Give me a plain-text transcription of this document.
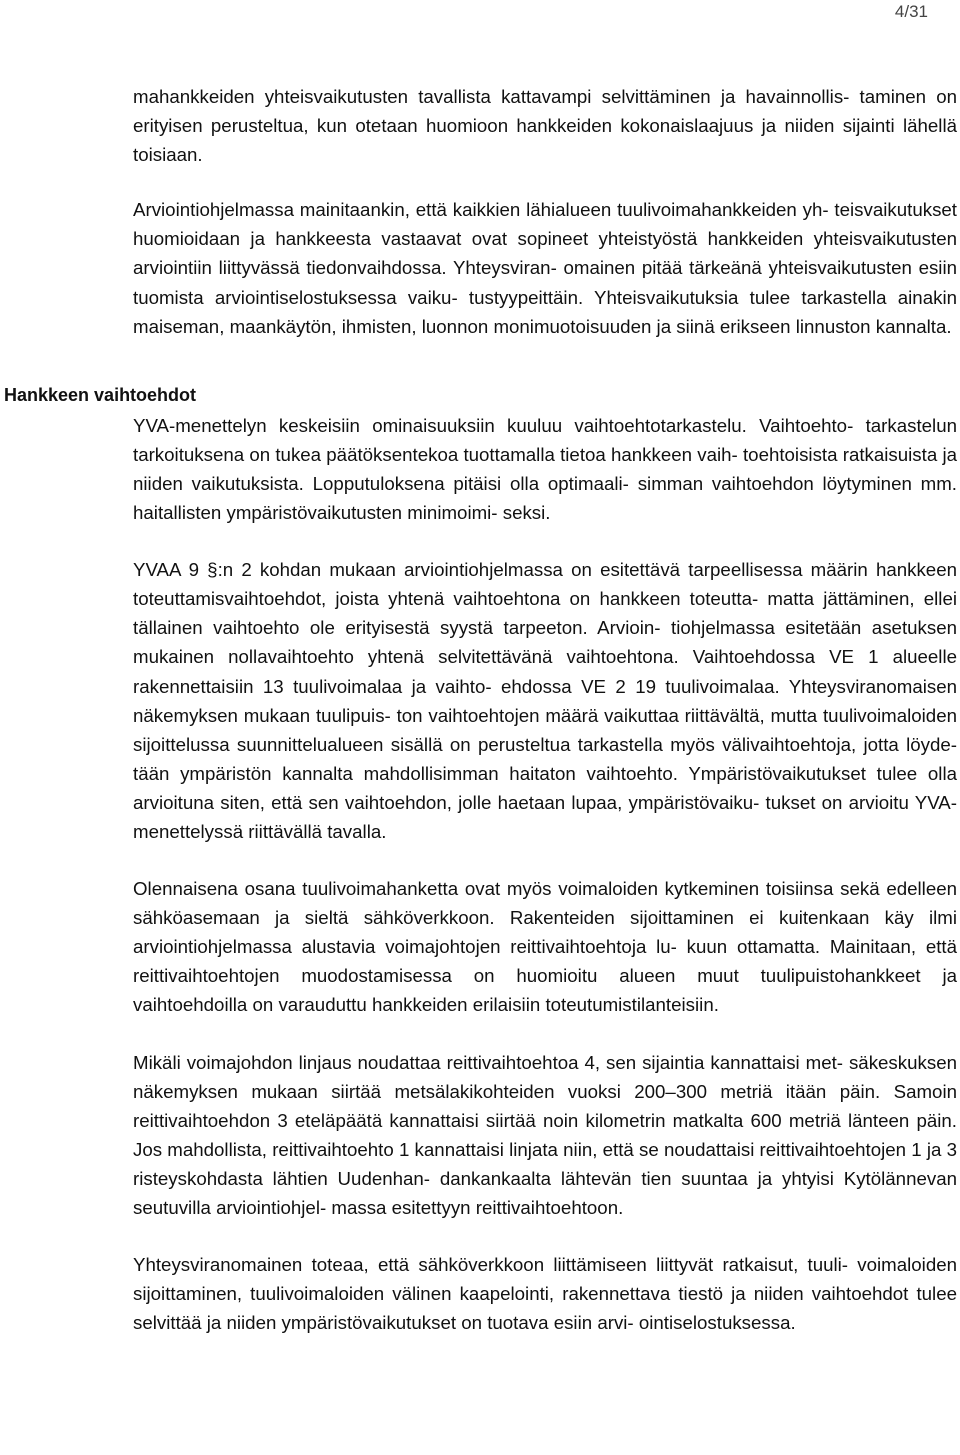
4/31
Hankkeen vaihtoehdot

mahankkeiden yhteisvaikutusten tavallista kattavampi selvittäminen ja havainnollis- taminen on erityisen perusteltua, kun otetaan huomioon hankkeiden kokonaislaajuus ja niiden sijainti lähellä toisiaan.

Arviointiohjelmassa mainitaankin, että kaikkien lähialueen tuulivoimahankkeiden yh- teisvaikutukset huomioidaan ja hankkeesta vastaavat ovat sopineet yhteistyöstä hankkeiden yhteisvaikutusten arviointiin liittyvässä tiedonvaihdossa. Yhteysviran- omainen pitää tärkeänä yhteisvaikutusten esiin tuomista arviointiselostuksessa vaiku- tustyypeittäin. Yhteisvaikutuksia tulee tarkastella ainakin maiseman, maankäytön, ihmisten, luonnon monimuotoisuuden ja siinä erikseen linnuston kannalta.

YVA-menettelyn keskeisiin ominaisuuksiin kuuluu vaihtoehtotarkastelu. Vaihtoehto- tarkastelun tarkoituksena on tukea päätöksentekoa tuottamalla tietoa hankkeen vaih- toehtoisista ratkaisuista ja niiden vaikutuksista. Lopputuloksena pitäisi olla optimaali- simman vaihtoehdon löytyminen mm. haitallisten ympäristövaikutusten minimoimi- seksi.

YVAA 9 §:n 2 kohdan mukaan arviointiohjelmassa on esitettävä tarpeellisessa määrin hankkeen toteuttamisvaihtoehdot, joista yhtenä vaihtoehtona on hankkeen toteutta- matta jättäminen, ellei tällainen vaihtoehto ole erityisestä syystä tarpeeton. Arvioin- tiohjelmassa esitetään asetuksen mukainen nollavaihtoehto yhtenä selvitettävänä vaihtoehtona. Vaihtoehdossa VE 1 alueelle rakennettaisiin 13 tuulivoimalaa ja vaihto- ehdossa VE 2 19 tuulivoimalaa. Yhteysviranomaisen näkemyksen mukaan tuulipuis- ton vaihtoehtojen määrä vaikuttaa riittävältä, mutta tuulivoimaloiden sijoittelussa suunnittelualueen sisällä on perusteltua tarkastella myös välivaihtoehtoja, jotta löyde- tään ympäristön kannalta mahdollisimman haitaton vaihtoehto. Ympäristövaikutukset tulee olla arvioituna siten, että sen vaihtoehdon, jolle haetaan lupaa, ympäristövaiku- tukset on arvioitu YVA-menettelyssä riittävällä tavalla.

Olennaisena osana tuulivoimahanketta ovat myös voimaloiden kytkeminen toisiinsa sekä edelleen sähköasemaan ja sieltä sähköverkkoon. Rakenteiden sijoittaminen ei kuitenkaan käy ilmi arviointiohjelmassa alustavia voimajohtojen reittivaihtoehtoja lu- kuun ottamatta. Mainitaan, että reittivaihtoehtojen muodostamisessa on huomioitu alueen muut tuulipuistohankkeet ja vaihtoehdoilla on varauduttu hankkeiden erilaisiin toteutumistilanteisiin.

Mikäli voimajohdon linjaus noudattaa reittivaihtoehtoa 4, sen sijaintia kannattaisi met- säkeskuksen näkemyksen mukaan siirtää metsälakikohteiden vuoksi 200–300 metriä itään päin. Samoin reittivaihtoehdon 3 eteläpäätä kannattaisi siirtää noin kilometrin matkalta 600 metriä länteen päin. Jos mahdollista, reittivaihtoehto 1 kannattaisi linjata niin, että se noudattaisi reittivaihtoehtojen 1 ja 3 risteyskohdasta lähtien Uudenhan- dankankaalta lähtevän tien suuntaa ja yhtyisi Kytölännevan seutuvilla arviointiohjel- massa esitettyyn reittivaihtoehtoon.

Yhteysviranomainen toteaa, että sähköverkkoon liittämiseen liittyvät ratkaisut, tuuli- voimaloiden sijoittaminen, tuulivoimaloiden välinen kaapelointi, rakennettava tiestö ja niiden vaihtoehdot tulee selvittää ja niiden ympäristövaikutukset on tuotava esiin arvi- ointiselostuksessa.
